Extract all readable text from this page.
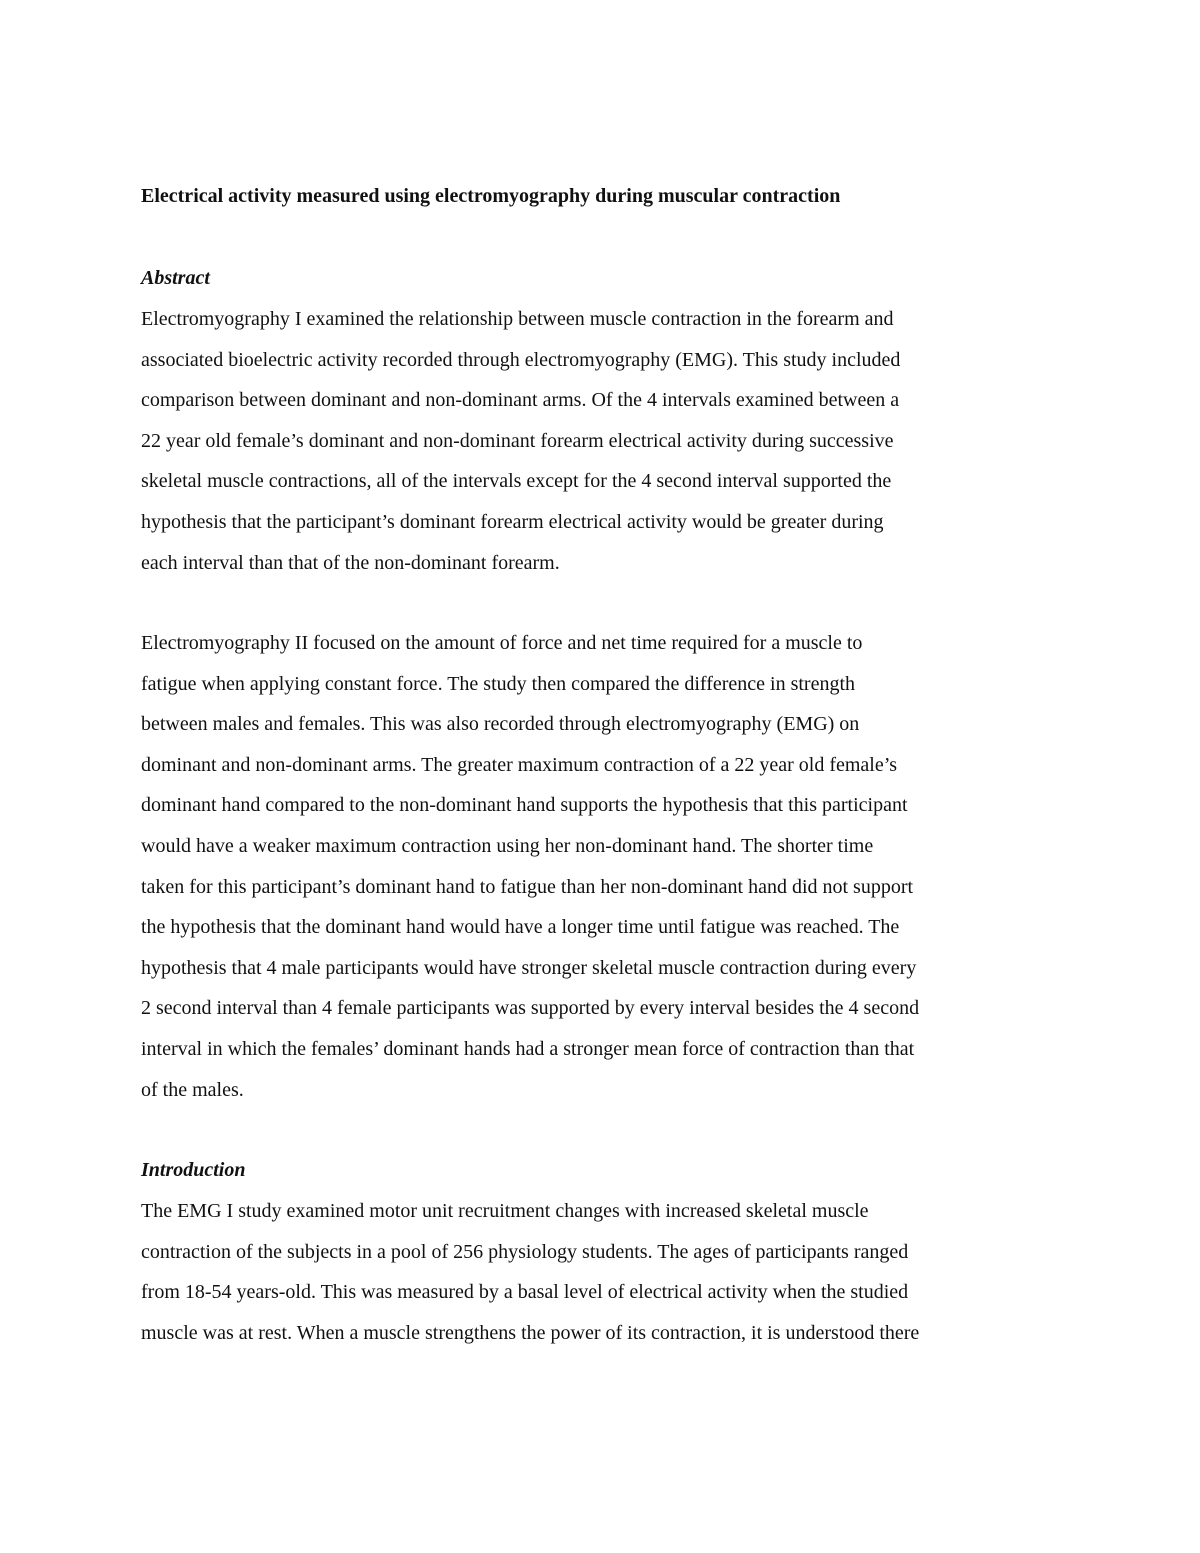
Electrical activity measured using electromyography during muscular contraction
Abstract

Electromyography I examined the relationship between muscle contraction in the forearm and
associated bioelectric activity recorded through electromyography (EMG). This study included
comparison between dominant and non-dominant arms. Of the 4 intervals examined between a
22 year old female’s dominant and non-dominant forearm electrical activity during successive
skeletal muscle contractions, all of the intervals except for the 4 second interval supported the
hypothesis that the participant’s dominant forearm electrical activity would be greater during
each interval than that of the non-dominant forearm.

Electromyography II focused on the amount of force and net time required for a muscle to
fatigue when applying constant force. The study then compared the difference in strength
between males and females. This was also recorded through electromyography (EMG) on
dominant and non-dominant arms. The greater maximum contraction of a 22 year old female’s
dominant hand compared to the non-dominant hand supports the hypothesis that this participant
would have a weaker maximum contraction using her non-dominant hand. The shorter time
taken for this participant’s dominant hand to fatigue than her non-dominant hand did not support
the hypothesis that the dominant hand would have a longer time until fatigue was reached. The
hypothesis that 4 male participants would have stronger skeletal muscle contraction during every
2 second interval than 4 female participants was supported by every interval besides the 4 second
interval in which the females’ dominant hands had a stronger mean force of contraction than that
of the males.

Introduction

The EMG I study examined motor unit recruitment changes with increased skeletal muscle
contraction of the subjects in a pool of 256 physiology students. The ages of participants ranged
from 18-54 years-old. This was measured by a basal level of electrical activity when the studied
muscle was at rest. When a muscle strengthens the power of its contraction, it is understood there
